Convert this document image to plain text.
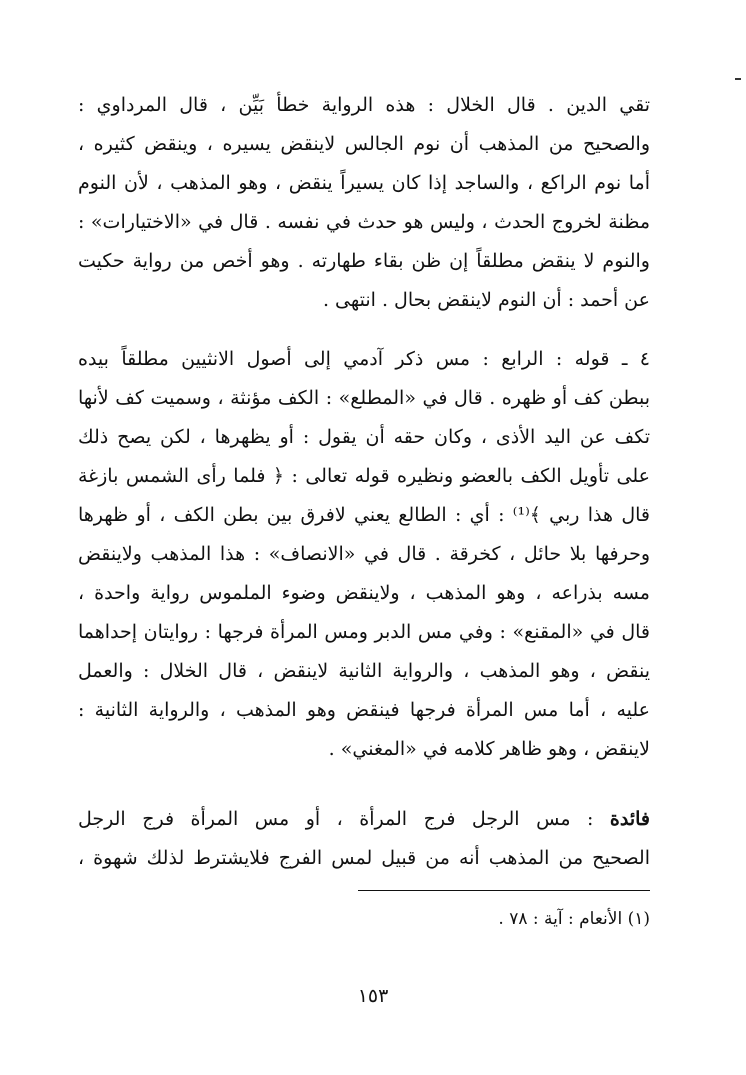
تقي الدين . قال الخلال : هذه الرواية خطأ بَيِّن ، قال المرداوي :
والصحيح من المذهب أن نوم الجالس لاينقض يسيره ، وينقض كثيره ،
أما نوم الراكع ، والساجد إذا كان يسيراً ينقض ، وهو المذهب ، لأن النوم
مظنة لخروج الحدث ، وليس هو حدث في نفسه . قال في «الاختيارات» :
والنوم لا ينقض مطلقاً إن ظن بقاء طهارته . وهو أخص من رواية حكيت
عن أحمد : أن النوم لاينقض بحال . انتهى .
٤ ـ قوله : الرابع : مس ذكر آدمي إلى أصول الانثيين مطلقاً بيده
ببطن كف أو ظهره . قال في «المطلع» : الكف مؤنثة ، وسميت كف لأنها
تكف عن اليد الأذى ، وكان حقه أن يقول : أو يظهرها ، لكن يصح ذلك
على تأويل الكف بالعضو ونظيره قوله تعالى : ﴿ فلما رأى الشمس بازغة
قال هذا ربي ﴾⁽¹⁾ : أي : الطالع يعني لافرق بين بطن الكف ، أو ظهرها
وحرفها بلا حائل ، كخرقة . قال في «الانصاف» : هذا المذهب ولاينقض
مسه بذراعه ، وهو المذهب ، ولاينقض وضوء الملموس رواية واحدة ،
قال في «المقنع» : وفي مس الدبر ومس المرأة فرجها : روايتان إحداهما
ينقض ، وهو المذهب ، والرواية الثانية لاينقض ، قال الخلال : والعمل
عليه ، أما مس المرأة فرجها فينقض وهو المذهب ، والرواية الثانية :
لاينقض ، وهو ظاهر كلامه في «المغني» .
فائدة : مس الرجل فرج المرأة ، أو مس المرأة فرج الرجل
الصحيح من المذهب أنه من قبيل لمس الفرج فلايشترط لذلك شهوة ،
(١) الأنعام : آية : ٧٨ .
١٥٣
